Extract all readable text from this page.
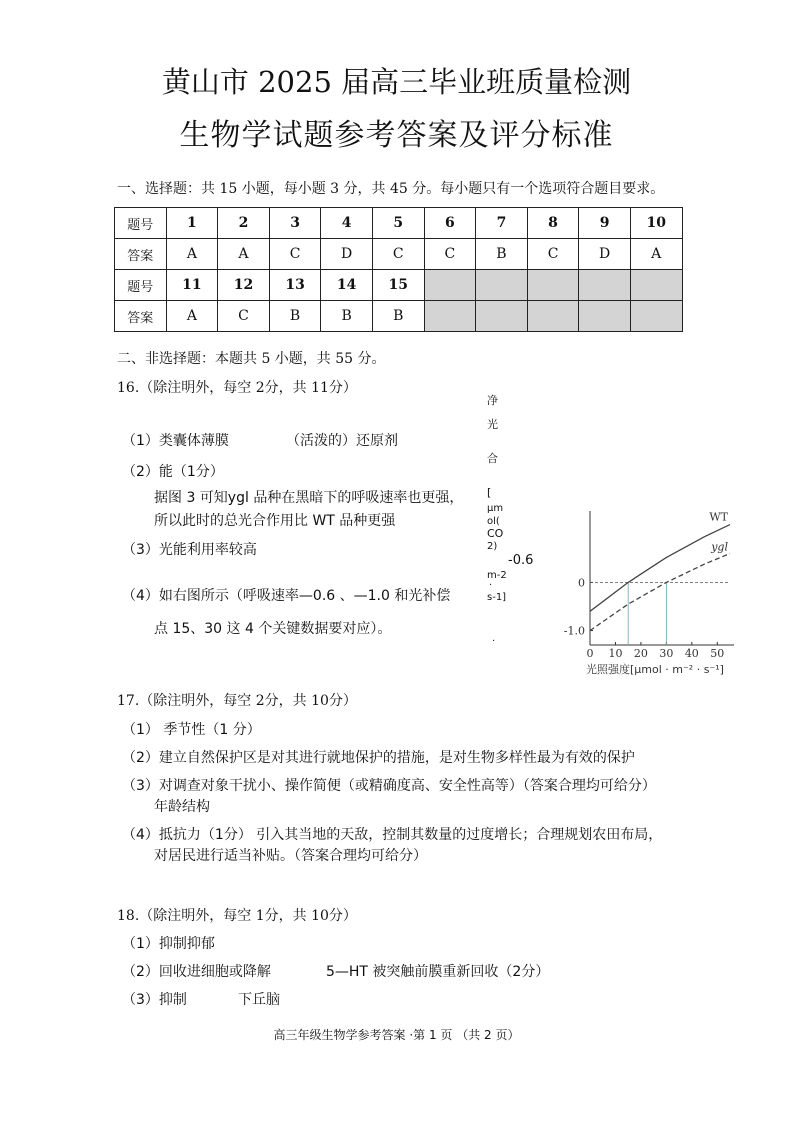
黄山市 2025 届高三毕业班质量检测
生物学试题参考答案及评分标准
一、选择题：共 15 小题，每小题 3 分，共 45 分。每小题只有一个选项符合题目要求。
题号	1	2	3	4	5	6	7	8	9	10
答案	A	A	C	D	C	C	B	C	D	A
题号	11	12	13	14	15					
答案	A	C	B	B	B					
二、非选择题：本题共 5 小题，共 55 分。
16.（除注明外，每空 2分，共 11分）
（1）类囊体薄膜	（活泼的）还原剂
（2）能（1分）
据图 3 可知ygl 品种在黑暗下的呼吸速率也更强，
所以此时的总光合作用比 WT 品种更强
（3）光能利用率较高
（4）如右图所示（呼吸速率—0.6 、—1.0 和光补偿
点 15、30 这 4 个关键数据要对应）。
净
光
合
[
μm
ol(
CO
2)
-0.6
m-2
·
s-1]
.
0 10 20 30 40 50
0
-1.0
WT
ygl
光照强度[μmol · m⁻² · s⁻¹]
17.（除注明外，每空 2分，共 10分）
（1） 季节性（1 分）
（2）建立自然保护区是对其进行就地保护的措施，是对生物多样性最为有效的保护
（3）对调查对象干扰小、操作简便（或精确度高、安全性高等）（答案合理均可给分）
年龄结构
（4）抵抗力（1分） 引入其当地的天敌，控制其数量的过度增长；合理规划农田布局，
对居民进行适当补贴。（答案合理均可给分）
18.（除注明外，每空 1分，共 10分）
（1）抑制抑郁
（2）回收进细胞或降解	5—HT 被突触前膜重新回收（2分）
（3）抑制	下丘脑
高三年级生物学参考答案 ·第 1 页 （共 2 页）
